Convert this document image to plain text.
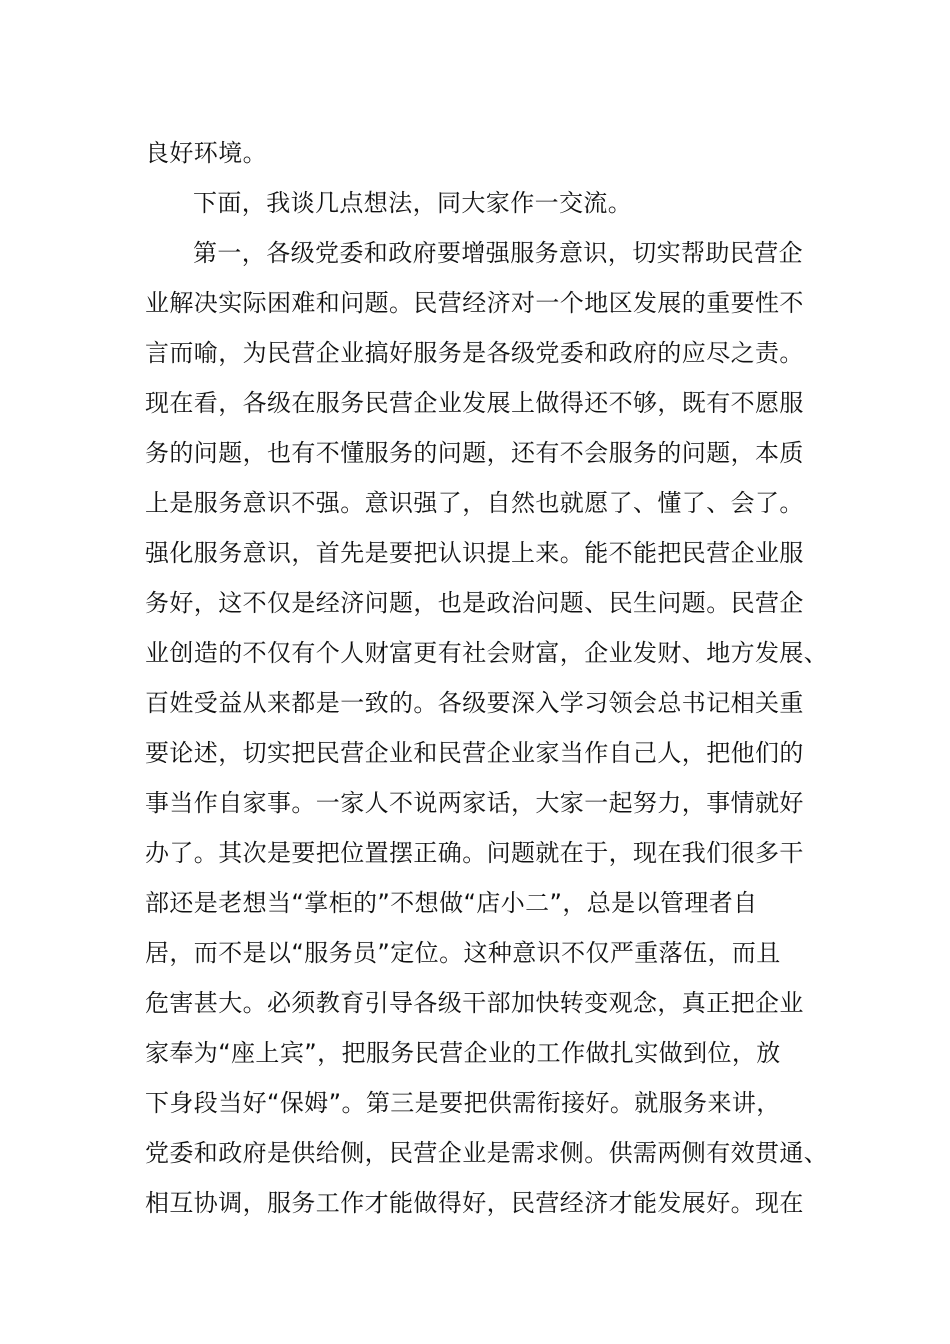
良好环境。
下面，我谈几点想法，同大家作一交流。
第一，各级党委和政府要增强服务意识，切实帮助民营企
业解决实际困难和问题。民营经济对一个地区发展的重要性不
言而喻，为民营企业搞好服务是各级党委和政府的应尽之责。
现在看，各级在服务民营企业发展上做得还不够，既有不愿服
务的问题，也有不懂服务的问题，还有不会服务的问题，本质
上是服务意识不强。意识强了，自然也就愿了、懂了、会了。
强化服务意识，首先是要把认识提上来。能不能把民营企业服
务好，这不仅是经济问题，也是政治问题、民生问题。民营企
业创造的不仅有个人财富更有社会财富，企业发财、地方发展、
百姓受益从来都是一致的。各级要深入学习领会总书记相关重
要论述，切实把民营企业和民营企业家当作自己人，把他们的
事当作自家事。一家人不说两家话，大家一起努力，事情就好
办了。其次是要把位置摆正确。问题就在于，现在我们很多干
部还是老想当“掌柜的”不想做“店小二”，总是以管理者自
居，而不是以“服务员”定位。这种意识不仅严重落伍，而且
危害甚大。必须教育引导各级干部加快转变观念，真正把企业
家奉为“座上宾”，把服务民营企业的工作做扎实做到位，放
下身段当好“保姆”。第三是要把供需衔接好。就服务来讲，
党委和政府是供给侧，民营企业是需求侧。供需两侧有效贯通、
相互协调，服务工作才能做得好，民营经济才能发展好。现在
